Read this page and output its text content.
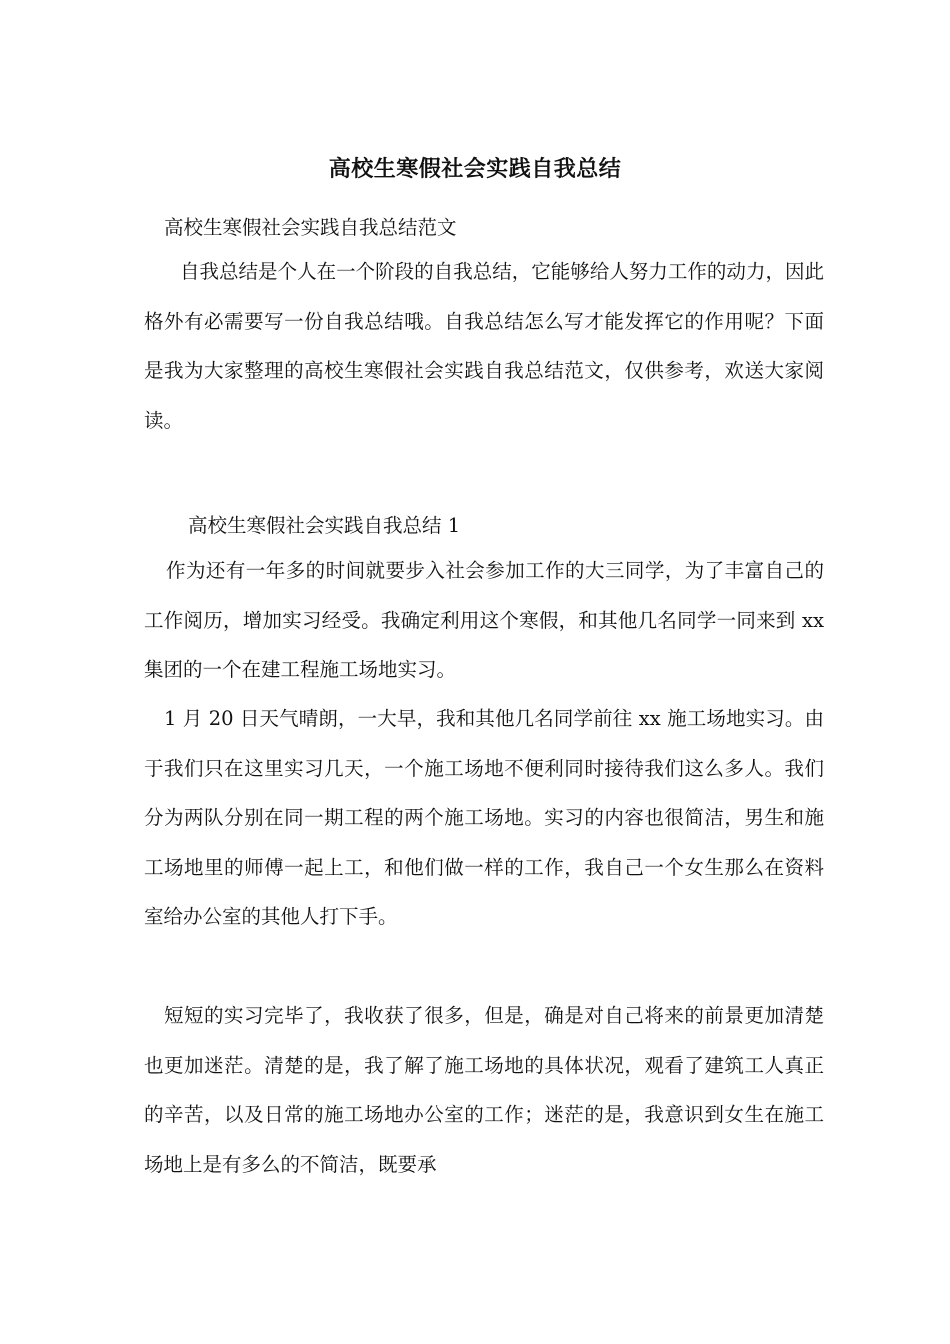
高校生寒假社会实践自我总结
高校生寒假社会实践自我总结范文
自我总结是个人在一个阶段的自我总结，它能够给人努力工作的动力，因此格外有必需要写一份自我总结哦。自我总结怎么写才能发挥它的作用呢？下面是我为大家整理的高校生寒假社会实践自我总结范文，仅供参考，欢送大家阅读。
高校生寒假社会实践自我总结 1
作为还有一年多的时间就要步入社会参加工作的大三同学，为了丰富自己的工作阅历，增加实习经受。我确定利用这个寒假，和其他几名同学一同来到 xx 集团的一个在建工程施工场地实习。
1 月 20 日天气晴朗，一大早，我和其他几名同学前往 xx 施工场地实习。由于我们只在这里实习几天，一个施工场地不便利同时接待我们这么多人。我们分为两队分别在同一期工程的两个施工场地。实习的内容也很简洁，男生和施工场地里的师傅一起上工，和他们做一样的工作，我自己一个女生那么在资料室给办公室的其他人打下手。
短短的实习完毕了，我收获了很多，但是，确是对自己将来的前景更加清楚也更加迷茫。清楚的是，我了解了施工场地的具体状况，观看了建筑工人真正的辛苦，以及日常的施工场地办公室的工作；迷茫的是，我意识到女生在施工场地上是有多么的不简洁，既要承
